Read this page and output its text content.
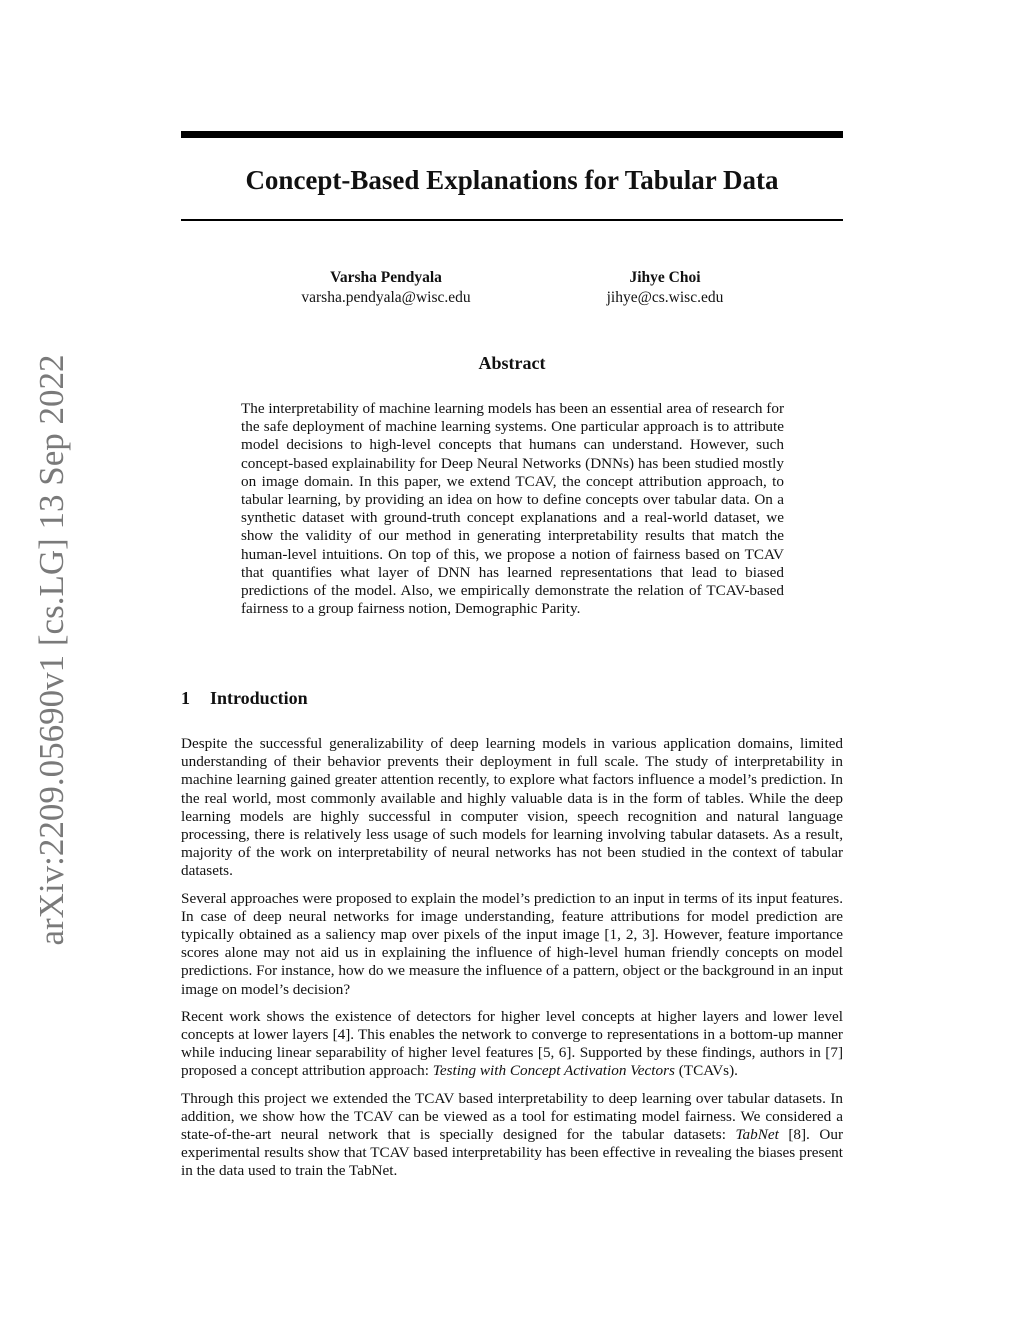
arXiv:2209.05690v1 [cs.LG] 13 Sep 2022
Concept-Based Explanations for Tabular Data
Varsha Pendyala
varsha.pendyala@wisc.edu
Jihye Choi
jihye@cs.wisc.edu
Abstract

The interpretability of machine learning models has been an essential area of research for the safe deployment of machine learning systems. One particular approach is to attribute model decisions to high-level concepts that humans can understand. However, such concept-based explainability for Deep Neural Networks (DNNs) has been studied mostly on image domain. In this paper, we extend TCAV, the concept attribution approach, to tabular learning, by providing an idea on how to define concepts over tabular data. On a synthetic dataset with ground-truth concept explanations and a real-world dataset, we show the validity of our method in generating interpretability results that match the human-level intuitions. On top of this, we propose a notion of fairness based on TCAV that quantifies what layer of DNN has learned representations that lead to biased predictions of the model. Also, we empirically demonstrate the relation of TCAV-based fairness to a group fairness notion, Demographic Parity.

1 Introduction

Despite the successful generalizability of deep learning models in various application domains, limited understanding of their behavior prevents their deployment in full scale. The study of interpretability in machine learning gained greater attention recently, to explore what factors influence a model’s prediction. In the real world, most commonly available and highly valuable data is in the form of tables. While the deep learning models are highly successful in computer vision, speech recognition and natural language processing, there is relatively less usage of such models for learning involving tabular datasets. As a result, majority of the work on interpretability of neural networks has not been studied in the context of tabular datasets.

Several approaches were proposed to explain the model’s prediction to an input in terms of its input features. In case of deep neural networks for image understanding, feature attributions for model prediction are typically obtained as a saliency map over pixels of the input image [1, 2, 3]. However, feature importance scores alone may not aid us in explaining the influence of high-level human friendly concepts on model predictions. For instance, how do we measure the influence of a pattern, object or the background in an input image on model’s decision?

Recent work shows the existence of detectors for higher level concepts at higher layers and lower level concepts at lower layers [4]. This enables the network to converge to representations in a bottom-up manner while inducing linear separability of higher level features [5, 6]. Supported by these findings, authors in [7] proposed a concept attribution approach: Testing with Concept Activation Vectors (TCAVs).

Through this project we extended the TCAV based interpretability to deep learning over tabular datasets. In addition, we show how the TCAV can be viewed as a tool for estimating model fairness. We considered a state-of-the-art neural network that is specially designed for the tabular datasets: TabNet [8]. Our experimental results show that TCAV based interpretability has been effective in revealing the biases present in the data used to train the TabNet.
